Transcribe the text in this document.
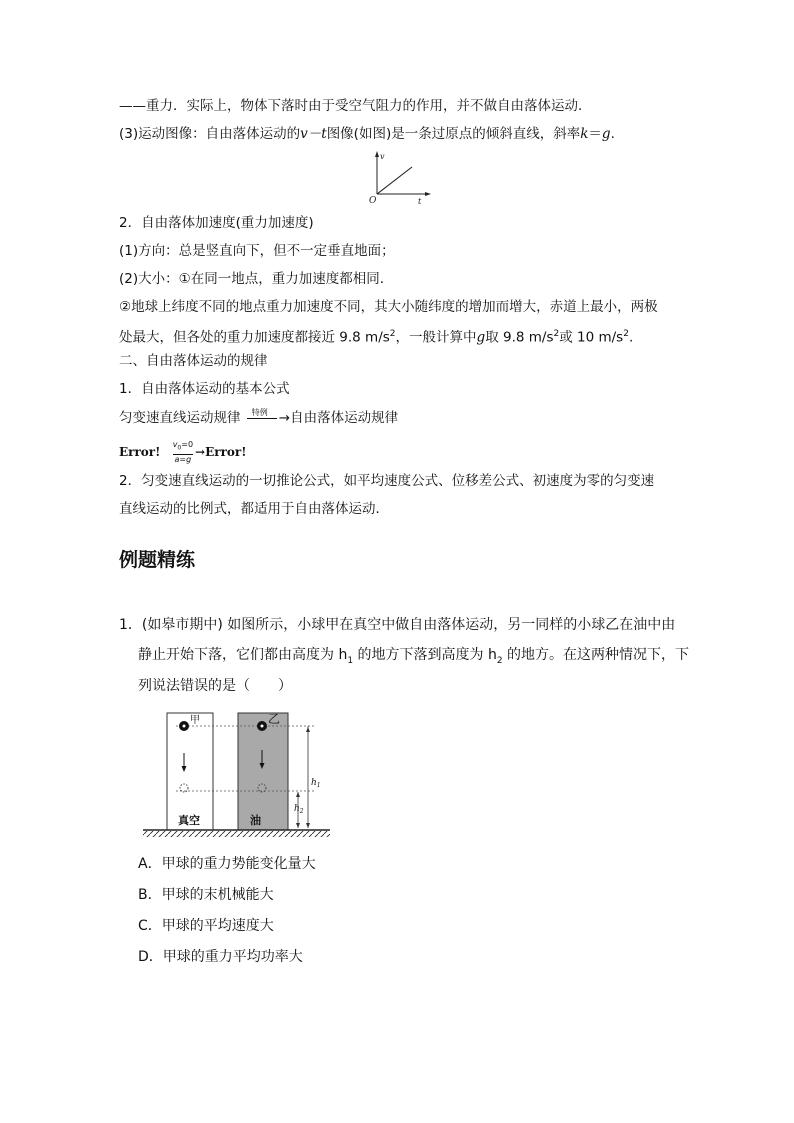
——重力．实际上，物体下落时由于受空气阻力的作用，并不做自由落体运动．
(3)运动图像：自由落体运动的v－t图像(如图)是一条过原点的倾斜直线，斜率k＝g.
v
O	t
2．自由落体加速度(重力加速度)
(1)方向：总是竖直向下，但不一定垂直地面；
(2)大小：①在同一地点，重力加速度都相同．
②地球上纬度不同的地点重力加速度不同，其大小随纬度的增加而增大，赤道上最小，两极
处最大，但各处的重力加速度都接近 9.8 $m/s^2$，一般计算中g取 9.8 $m/s^2$或 10 $m/s^2$.
二、自由落体运动的规律
1．自由落体运动的基本公式
匀变速直线运动规律 特例 →自由落体运动规律
Error! $\frac{v_0=0}{a=g}$ →Error!
2．匀变速直线运动的一切推论公式，如平均速度公式、位移差公式、初速度为零的匀变速
直线运动的比例式，都适用于自由落体运动．
例题精练
1．(如皋市期中) 如图所示，小球甲在真空中做自由落体运动，另一同样的小球乙在油中由
静止开始下落，它们都由高度为 $h_1$ 的地方下落到高度为 $h_2$ 的地方。在这两种情况下，下
列说法错误的是（　　）
甲	乙
真空	油
$h_1$
$h_2$
A．甲球的重力势能变化量大
B．甲球的末机械能大
C．甲球的平均速度大
D．甲球的重力平均功率大
